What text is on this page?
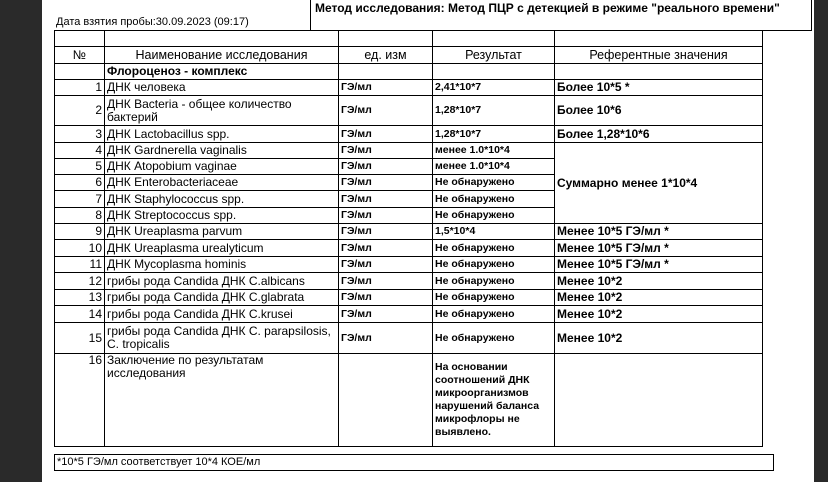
Дата взятия пробы:30.09.2023 (09:17)
Метод исследования: Метод ПЦР с детекцией в режиме "реального времени"

№	Наименование исследования	ед. изм	Результат	Референтные значения	
	Флороценоз - комплекс				
1	ДНК человека	ГЭ/мл	2,41*10*7	Более 10*5 *	
2	ДНК Bacteria - общее количество бактерий	ГЭ/мл	1,28*10*7	Более 10*6	
3	ДНК Lactobacillus spp.	ГЭ/мл	1,28*10*7	Более 1,28*10*6	
4	ДНК Gardnerella vaginalis	ГЭ/мл	менее 1.0*10*4	Суммарно менее 1*10*4	
5	ДНК Atopobium vaginae	ГЭ/мл	менее 1.0*10*4		
6	ДНК Enterobacteriaceae	ГЭ/мл	Не обнаружено		
7	ДНК Staphylococcus spp.	ГЭ/мл	Не обнаружено		
8	ДНК Streptococcus spp.	ГЭ/мл	Не обнаружено		
9	ДНК Ureaplasma parvum	ГЭ/мл	1,5*10*4	Менее 10*5 ГЭ/мл *	
10	ДНК Ureaplasma urealyticum	ГЭ/мл	Не обнаружено	Менее 10*5 ГЭ/мл *	
11	ДНК Mycoplasma hominis	ГЭ/мл	Не обнаружено	Менее 10*5 ГЭ/мл *	
12	грибы рода Candida ДНК C.albicans	ГЭ/мл	Не обнаружено	Менее 10*2	
13	грибы рода Candida ДНК C.glabrata	ГЭ/мл	Не обнаружено	Менее 10*2	
14	грибы рода Candida ДНК C.krusei	ГЭ/мл	Не обнаружено	Менее 10*2	
15	грибы рода Candida ДНК C. parapsilosis, C. tropicalis	ГЭ/мл	Не обнаружено	Менее 10*2	
16	Заключение по результатам исследования		На основании соотношений ДНК микроорганизмов нарушений баланса микрофлоры не выявлено.		
*10*5 ГЭ/мл соответствует 10*4 КОЕ/мл
